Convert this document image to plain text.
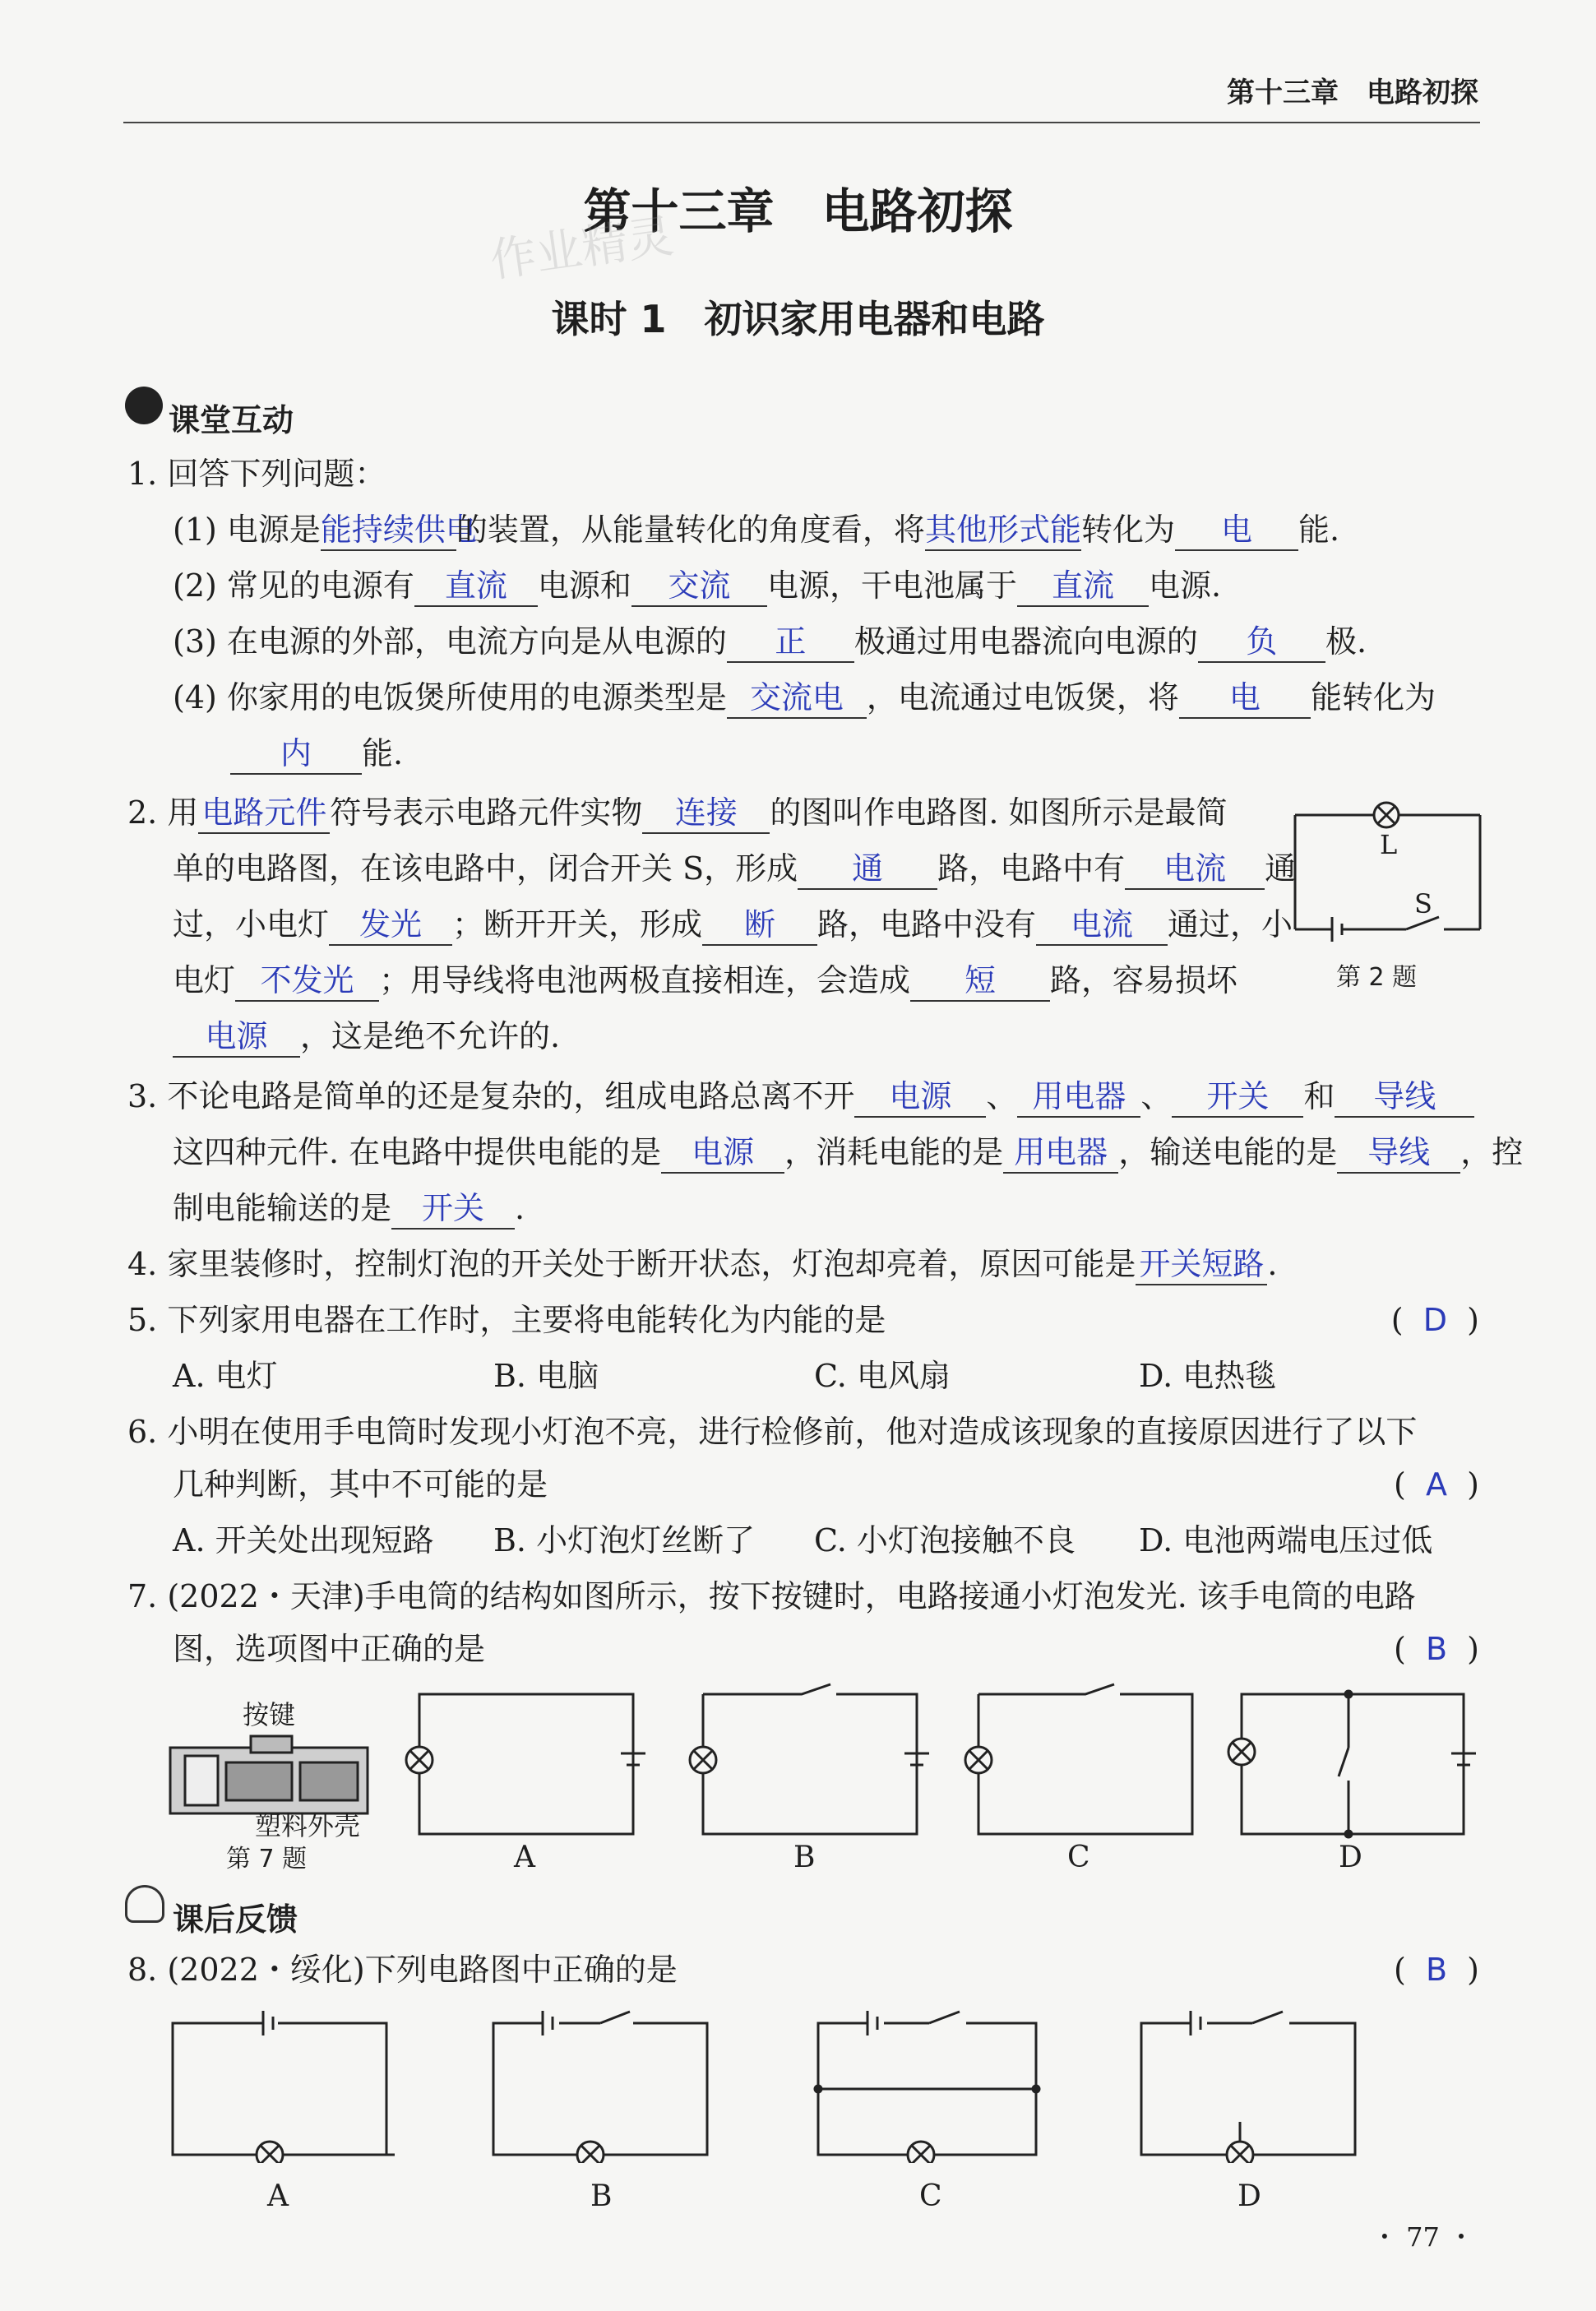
第十三章　电路初探
第十三章　电路初探
作业精灵
课时 1　初识家用电器和电路
课堂互动
1. 回答下列问题：
(1) 电源是能持续供电的装置，从能量转化的角度看，将其他形式能转化为 电 能.
(2) 常见的电源有 直流 电源和 交流 电源，干电池属于 直流 电源.
(3) 在电源的外部，电流方向是从电源的 正 极通过用电器流向电源的 负 极.
(4) 你家用的电饭煲所使用的电源类型是 交流电 ，电流通过电饭煲，将 电 能转化为
内 能.
2. 用 电路元件 符号表示电路元件实物 连接 的图叫作电路图. 如图所示是最简
单的电路图，在该电路中，闭合开关 S，形成 通 路，电路中有 电流 通
过，小电灯 发光 ；断开开关，形成 断 路，电路中没有 电流 通过，小
电灯 不发光 ；用导线将电池两极直接相连，会造成 短 路，容易损坏
电源 ，这是绝不允许的.
L
S
第 2 题
3. 不论电路是简单的还是复杂的，组成电路总离不开 电源 、 用电器 、 开关 和 导线
这四种元件. 在电路中提供电能的是 电源 ，消耗电能的是 用电器 ，输送电能的是 导线 ，控
制电能输送的是 开关 .
4. 家里装修时，控制灯泡的开关处于断开状态，灯泡却亮着，原因可能是 开关短路 .
5. 下列家用电器在工作时，主要将电能转化为内能的是	(  D  )
A. 电灯	B. 电脑	C. 电风扇	D. 电热毯
6. 小明在使用手电筒时发现小灯泡不亮，进行检修前，他对造成该现象的直接原因进行了以下
几种判断，其中不可能的是	(  A  )
A. 开关处出现短路 B. 小灯泡灯丝断了 C. 小灯泡接触不良 D. 电池两端电压过低
7. (2022・天津)手电筒的结构如图所示，按下按键时，电路接通小灯泡发光. 该手电筒的电路
图，选项图中正确的是	(  B  )
按键
塑料外壳
第 7 题	A	B	C	D
课后反馈
8. (2022・绥化)下列电路图中正确的是	(  B  )
A	B	C	D
・ 77 ・
